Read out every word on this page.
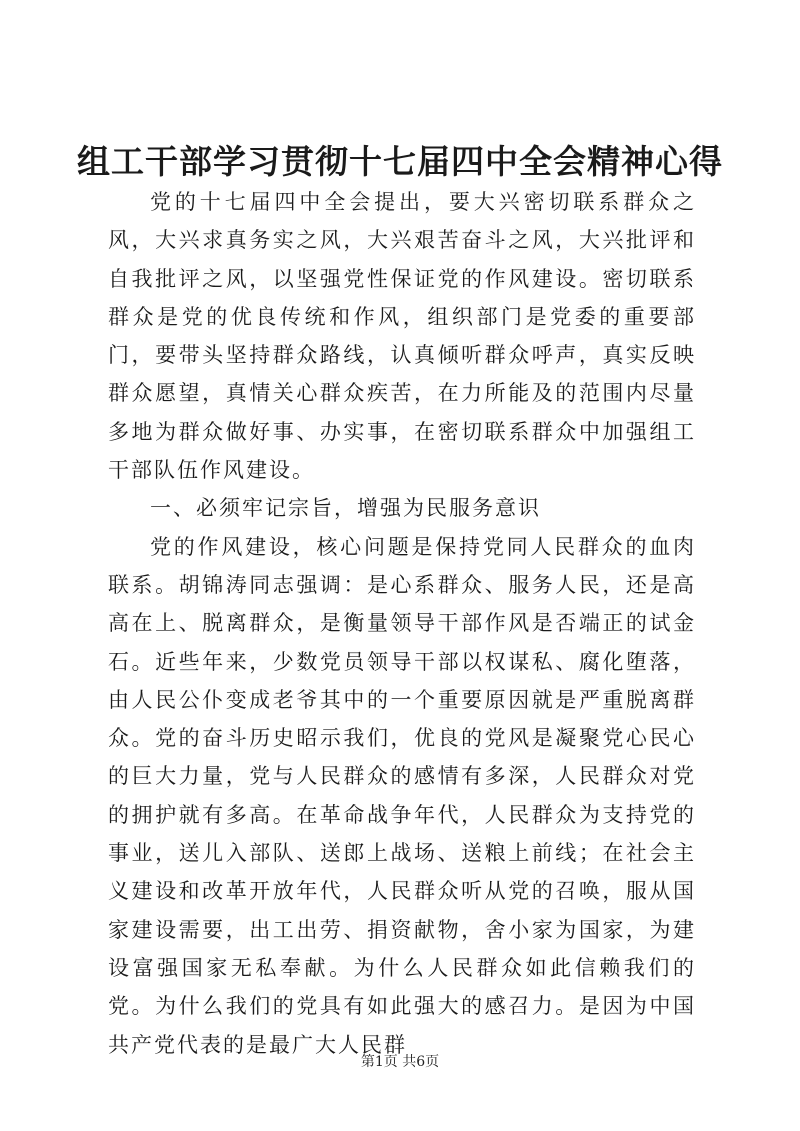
组工干部学习贯彻十七届四中全会精神心得

党的十七届四中全会提出，要大兴密切联系群众之风，大兴求真务实之风，大兴艰苦奋斗之风，大兴批评和自我批评之风，以坚强党性保证党的作风建设。密切联系群众是党的优良传统和作风，组织部门是党委的重要部门，要带头坚持群众路线，认真倾听群众呼声，真实反映群众愿望，真情关心群众疾苦，在力所能及的范围内尽量多地为群众做好事、办实事，在密切联系群众中加强组工干部队伍作风建设。

一、必须牢记宗旨，增强为民服务意识

党的作风建设，核心问题是保持党同人民群众的血肉联系。胡锦涛同志强调：是心系群众、服务人民，还是高高在上、脱离群众，是衡量领导干部作风是否端正的试金石。近些年来，少数党员领导干部以权谋私、腐化堕落，由人民公仆变成老爷其中的一个重要原因就是严重脱离群众。党的奋斗历史昭示我们，优良的党风是凝聚党心民心的巨大力量，党与人民群众的感情有多深，人民群众对党的拥护就有多高。在革命战争年代，人民群众为支持党的事业，送儿入部队、送郎上战场、送粮上前线；在社会主义建设和改革开放年代，人民群众听从党的召唤，服从国家建设需要，出工出劳、捐资献物，舍小家为国家，为建设富强国家无私奉献。为什么人民群众如此信赖我们的党。为什么我们的党具有如此强大的感召力。是因为中国共产党代表的是最广大人民群

第1页 共6页
